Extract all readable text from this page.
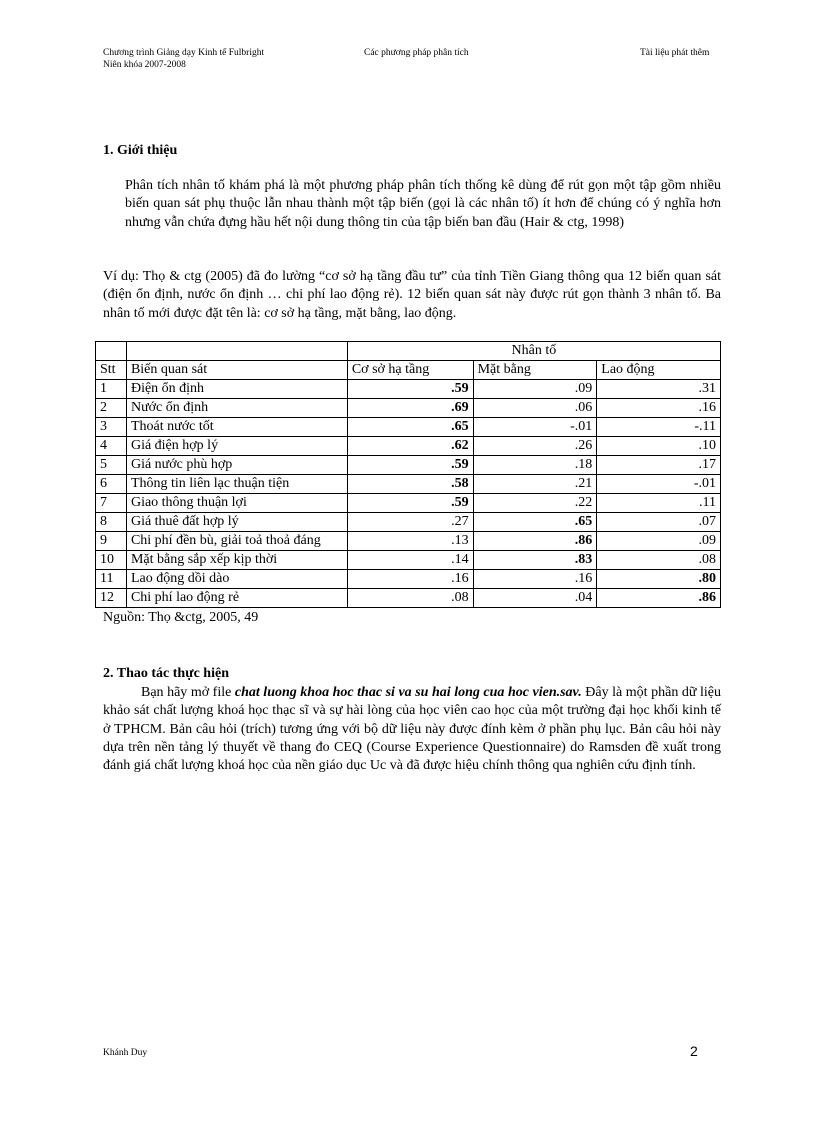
Chương trình Giảng dạy Kinh tế Fulbright
Niên khóa 2007-2008
Các phương pháp phân tích	Tài liệu phát thêm
1. Giới thiệu
Phân tích nhân tố khám phá là một phương pháp phân tích thống kê dùng để rút gọn một tập gồm nhiều biến quan sát phụ thuộc lẫn nhau thành một tập biến (gọi là các nhân tố) ít hơn để chúng có ý nghĩa hơn nhưng vẫn chứa đựng hầu hết nội dung thông tin của tập biến ban đầu (Hair & ctg, 1998)
Ví dụ: Thọ & ctg (2005) đã đo lường “cơ sở hạ tầng đầu tư” của tỉnh Tiền Giang thông qua 12 biến quan sát (điện ổn định, nước ổn định … chi phí lao động rẻ). 12 biến quan sát này được rút gọn thành 3 nhân tố. Ba nhân tố mới được đặt tên là: cơ sở hạ tầng, mặt bằng, lao động.
		Nhân tố		
Stt	Biến quan sát	Cơ sở hạ tầng	Mặt bằng	Lao động
1	Điện ổn định	.59	.09	.31
2	Nước ổn định	.69	.06	.16
3	Thoát nước tốt	.65	-.01	-.11
4	Giá điện hợp lý	.62	.26	.10
5	Giá nước phù hợp	.59	.18	.17
6	Thông tin liên lạc thuận tiện	.58	.21	-.01
7	Giao thông thuận lợi	.59	.22	.11
8	Giá thuê đất hợp lý	.27	.65	.07
9	Chi phí đền bù, giải toả thoả đáng	.13	.86	.09
10	Mặt bằng sắp xếp kịp thời	.14	.83	.08
11	Lao động dồi dào	.16	.16	.80
12	Chi phí lao động rẻ	.08	.04	.86
Nguồn: Thọ &ctg, 2005, 49
2. Thao tác thực hiện
Bạn hãy mở file chat luong khoa hoc thac si va su hai long cua hoc vien.sav. Đây là một phần dữ liệu khảo sát chất lượng khoá học thạc sĩ và sự hài lòng của học viên cao học của một trường đại học khối kinh tế ở TPHCM. Bản câu hỏi (trích) tương ứng với bộ dữ liệu này được đính kèm ở phần phụ lục. Bản câu hỏi này dựa trên nền tảng lý thuyết về thang đo CEQ (Course Experience Questionnaire) do Ramsden đề xuất trong đánh giá chất lượng khoá học của nền giáo dục Uc và đã được hiệu chính thông qua nghiên cứu định tính.
Khánh Duy	2
